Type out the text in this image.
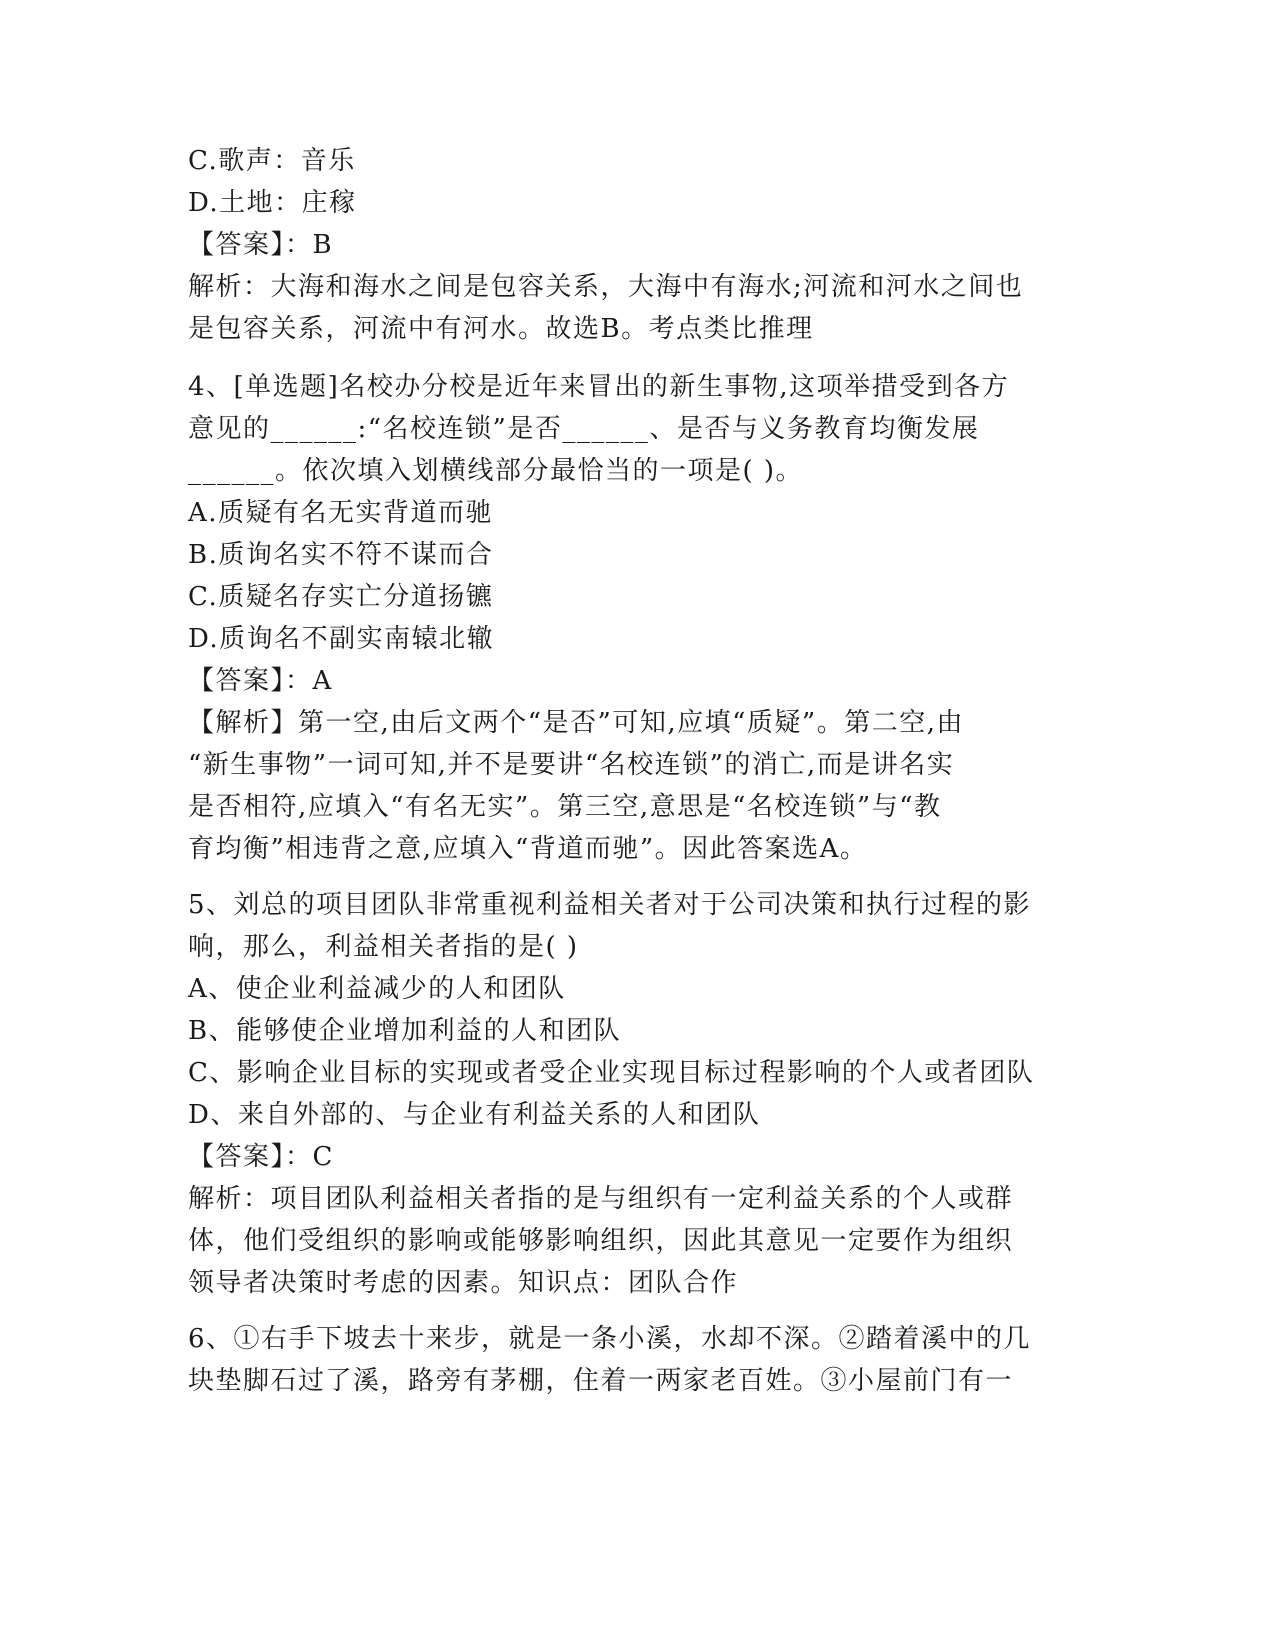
C.歌声：音乐
D.土地：庄稼
【答案】：B
解析：大海和海水之间是包容关系，大海中有海水;河流和河水之间也
是包容关系，河流中有河水。故选B。考点类比推理
4、[单选题]名校办分校是近年来冒出的新生事物,这项举措受到各方
意见的______:“名校连锁”是否______、是否与义务教育均衡发展
______。依次填入划横线部分最恰当的一项是( )。
A.质疑有名无实背道而驰
B.质询名实不符不谋而合
C.质疑名存实亡分道扬镳
D.质询名不副实南辕北辙
【答案】：A
【解析】第一空,由后文两个“是否”可知,应填“质疑”。第二空,由
“新生事物”一词可知,并不是要讲“名校连锁”的消亡,而是讲名实
是否相符,应填入“有名无实”。第三空,意思是“名校连锁”与“教
育均衡”相违背之意,应填入“背道而驰”。因此答案选A。
5、刘总的项目团队非常重视利益相关者对于公司决策和执行过程的影
响，那么，利益相关者指的是( )
A、使企业利益减少的人和团队
B、能够使企业增加利益的人和团队
C、影响企业目标的实现或者受企业实现目标过程影响的个人或者团队
D、来自外部的、与企业有利益关系的人和团队
【答案】：C
解析：项目团队利益相关者指的是与组织有一定利益关系的个人或群
体，他们受组织的影响或能够影响组织，因此其意见一定要作为组织
领导者决策时考虑的因素。知识点：团队合作
6、①右手下坡去十来步，就是一条小溪，水却不深。②踏着溪中的几
块垫脚石过了溪，路旁有茅棚，住着一两家老百姓。③小屋前门有一
